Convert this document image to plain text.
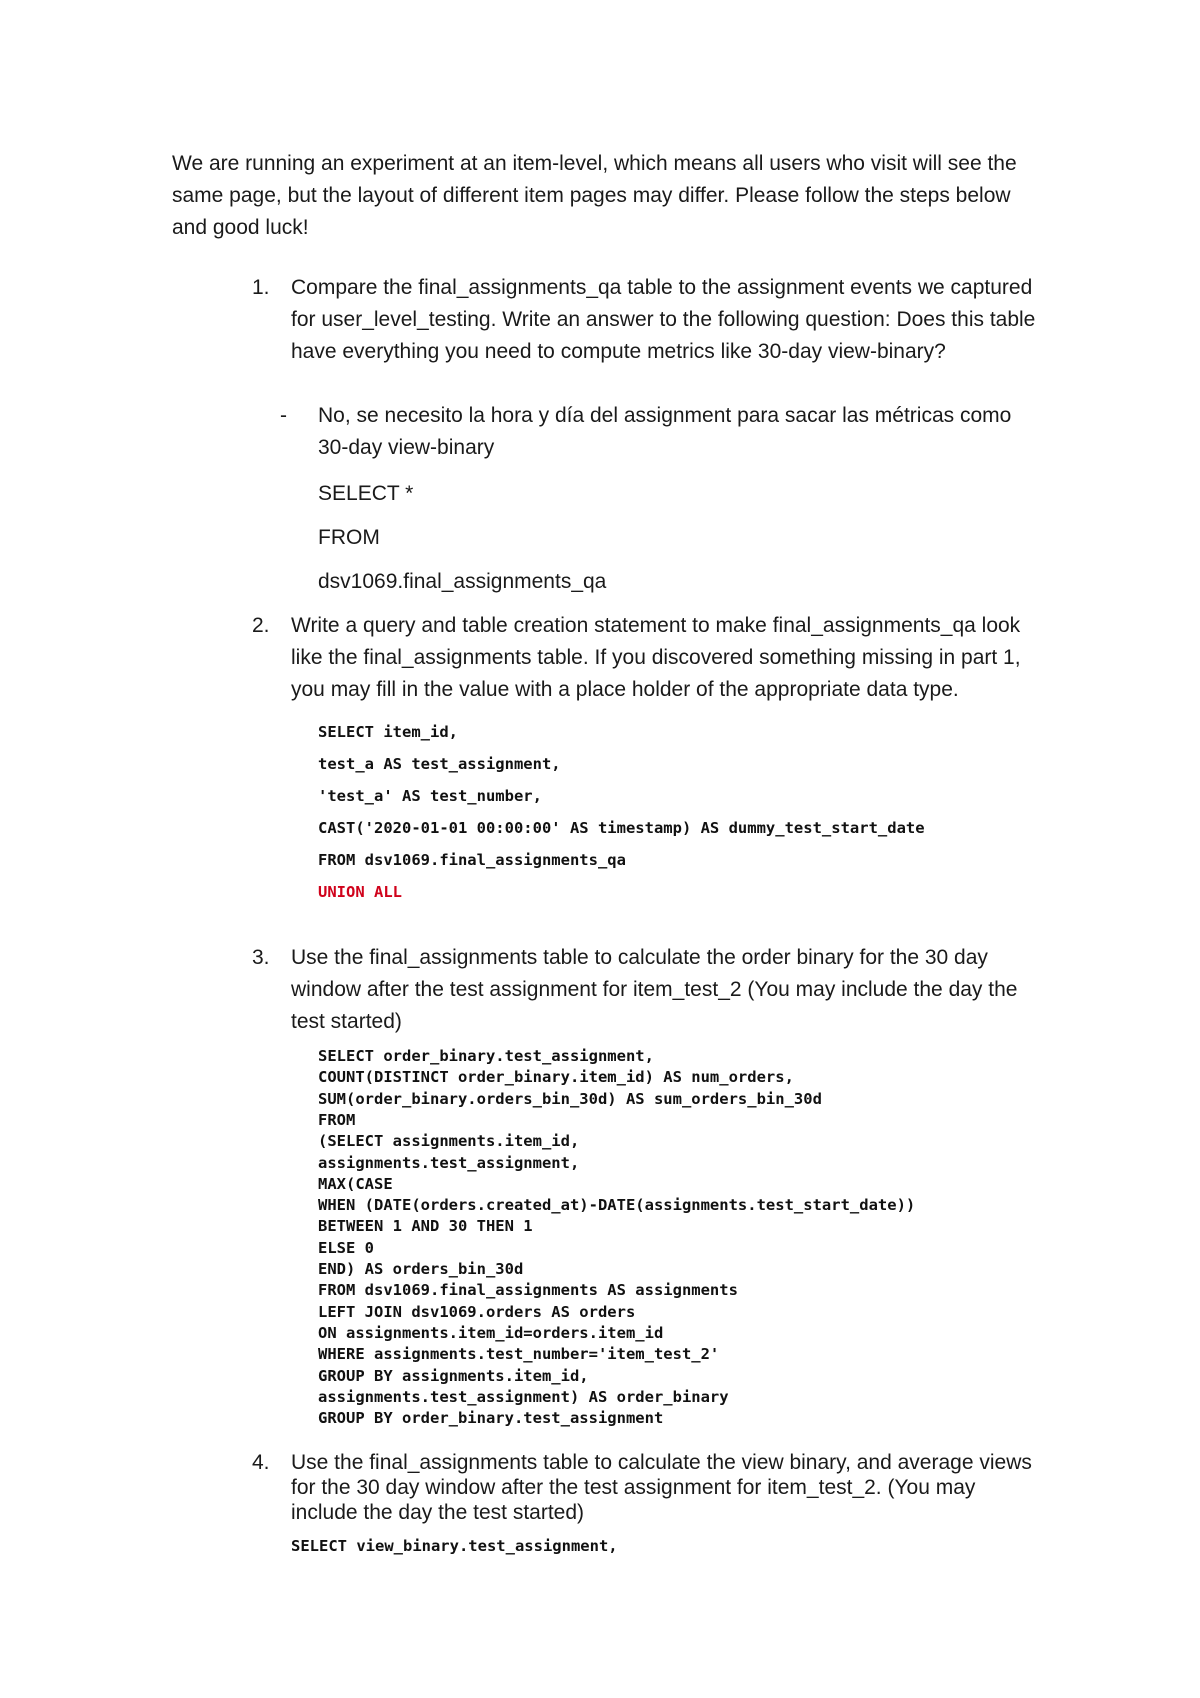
We are running an experiment at an item-level, which means all users who visit will see the same page, but the layout of different item pages may differ. Please follow the steps below and good luck!
1.	Compare the final_assignments_qa table to the assignment events we captured for user_level_testing. Write an answer to the following question: Does this table have everything you need to compute metrics like 30-day view-binary?
-	No, se necesito la hora y día del assignment para sacar las métricas como 30-day view-binary
SELECT *
FROM
dsv1069.final_assignments_qa
2.	Write a query and table creation statement to make final_assignments_qa look like the final_assignments table. If you discovered something missing in part 1, you may fill in the value with a place holder of the appropriate data type.
SELECT item_id,
test_a AS test_assignment,
'test_a' AS test_number,
CAST('2020-01-01 00:00:00' AS timestamp) AS dummy_test_start_date
FROM dsv1069.final_assignments_qa
UNION ALL
3.	Use the final_assignments table to calculate the order binary for the 30 day window after the test assignment for item_test_2 (You may include the day the test started)
SELECT order_binary.test_assignment,
COUNT(DISTINCT order_binary.item_id) AS num_orders,
SUM(order_binary.orders_bin_30d) AS sum_orders_bin_30d
FROM
(SELECT assignments.item_id,
assignments.test_assignment,
MAX(CASE
WHEN (DATE(orders.created_at)-DATE(assignments.test_start_date))
BETWEEN 1 AND 30 THEN 1
ELSE 0
END) AS orders_bin_30d
FROM dsv1069.final_assignments AS assignments
LEFT JOIN dsv1069.orders AS orders
ON assignments.item_id=orders.item_id
WHERE assignments.test_number='item_test_2'
GROUP BY assignments.item_id,
assignments.test_assignment) AS order_binary
GROUP BY order_binary.test_assignment
4.	Use the final_assignments table to calculate the view binary, and average views for the 30 day window after the test assignment for item_test_2. (You may include the day the test started)
SELECT view_binary.test_assignment,
